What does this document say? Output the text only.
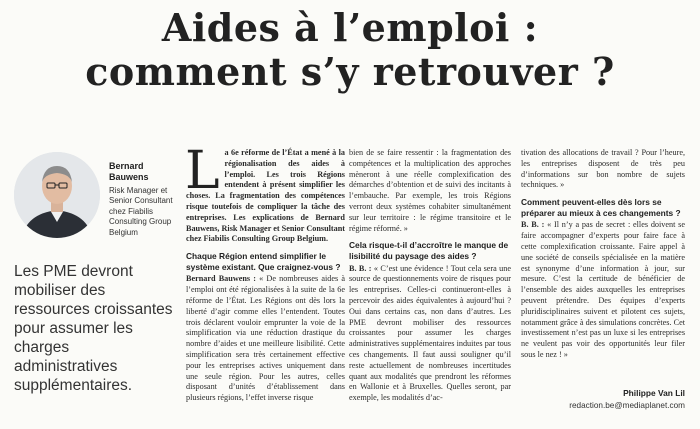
Aides à l’emploi :
comment s’y retrouver ?
Bernard
Bauwens
Risk Manager et
Senior Consultant
chez Fiabilis
Consulting Group
Belgium
Les PME devront mobiliser des ressources croissantes pour assumer les charges administratives supplémentaires.

La 6e réforme de l’État a mené à la régionalisation des aides à l’emploi. Les trois Régions entendent à présent simplifier les choses. La fragmentation des compétences risque toutefois de compliquer la tâche des entreprises. Les explications de Bernard Bauwens, Risk Manager et Senior Consultant chez Fiabilis Consulting Group Belgium.

Chaque Région entend simplifier le système existant. Que craignez-vous ?

Bernard Bauwens : « De nombreuses aides à l’emploi ont été régionalisées à la suite de la 6e réforme de l’État. Les Régions ont dès lors la liberté d’agir comme elles l’entendent. Toutes trois déclarent vouloir emprunter la voie de la simplification via une réduction drastique du nombre d’aides et une meilleure lisibilité. Cette simplification sera très certainement effective pour les entreprises actives uniquement dans une seule région. Pour les autres, celles disposant d’unités d’établissement dans plusieurs régions, l’effet inverse risque

bien de se faire ressentir : la fragmentation des compétences et la multiplication des approches mèneront à une réelle complexification des démarches d’obtention et de suivi des incitants à l’embauche. Par exemple, les trois Régions verront deux systèmes cohabiter simultanément sur leur territoire : le régime transitoire et le régime réformé. »

Cela risque-t-il d’accroître le manque de lisibilité du paysage des aides ?

B. B. : « C’est une évidence ! Tout cela sera une source de questionnements voire de risques pour les entreprises. Celles-ci continueront-elles à percevoir des aides équivalentes à aujourd’hui ? Oui dans certains cas, non dans d’autres. Les PME devront mobiliser des ressources croissantes pour assumer les charges administratives supplémentaires induites par tous ces changements. Il faut aussi souligner qu’il reste actuellement de nombreuses incertitudes quant aux modalités que prendront les réformes en Wallonie et à Bruxelles. Quelles seront, par exemple, les modalités d’ac-

tivation des allocations de travail ? Pour l’heure, les entreprises disposent de très peu d’informations sur bon nombre de sujets techniques. »

Comment peuvent-elles dès lors se préparer au mieux à ces changements ?

B. B. : « Il n’y a pas de secret : elles doivent se faire accompagner d’experts pour faire face à cette complexification croissante. Faire appel à une société de conseils spécialisée en la matière est synonyme d’une information à jour, sur mesure. C’est la certitude de bénéficier de l’ensemble des aides auxquelles les entreprises peuvent prétendre. Des équipes d’experts pluridisciplinaires suivent et pilotent ces sujets, notamment grâce à des simulations concrètes. Cet investissement n’est pas un luxe si les entreprises ne veulent pas voir des opportunités leur filer sous le nez ! »

Philippe Van Lil
redaction.be@mediaplanet.com
